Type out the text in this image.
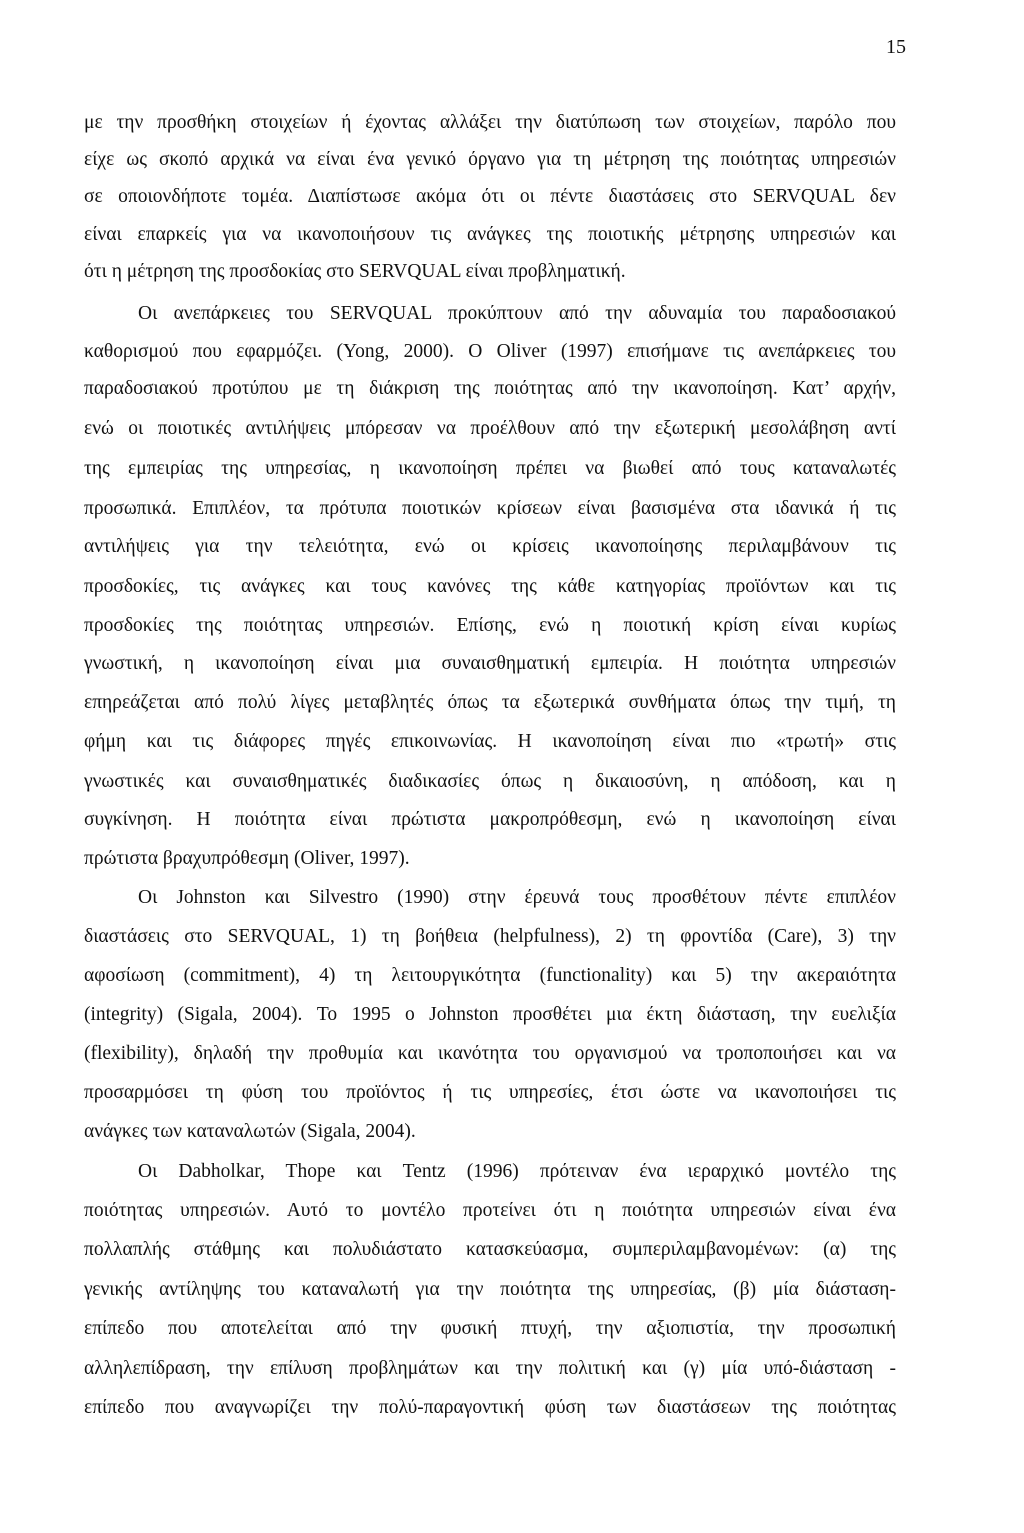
15
με την προσθήκη στοιχείων ή έχοντας αλλάξει την διατύπωση των στοιχείων, παρόλο που
είχε ως σκοπό αρχικά να είναι ένα γενικό όργανο για τη μέτρηση της ποιότητας υπηρεσιών
σε οποιονδήποτε τομέα. Διαπίστωσε ακόμα ότι οι πέντε διαστάσεις στο SERVQUAL δεν
είναι επαρκείς για να ικανοποιήσουν τις ανάγκες της ποιοτικής μέτρησης υπηρεσιών και
ότι η μέτρηση της προσδοκίας στο SERVQUAL είναι προβληματική.
Οι ανεπάρκειες του SERVQUAL προκύπτουν από την αδυναμία του παραδοσιακού
καθορισμού που εφαρμόζει. (Yong, 2000). Ο Oliver (1997) επισήμανε τις ανεπάρκειες του
παραδοσιακού προτύπου με τη διάκριση της ποιότητας από την ικανοποίηση. Κατ’ αρχήν,
ενώ οι ποιοτικές αντιλήψεις μπόρεσαν να προέλθουν από την εξωτερική μεσολάβηση αντί
της εμπειρίας της υπηρεσίας, η ικανοποίηση πρέπει να βιωθεί από τους καταναλωτές
προσωπικά. Επιπλέον, τα πρότυπα ποιοτικών κρίσεων είναι βασισμένα στα ιδανικά ή τις
αντιλήψεις για την τελειότητα, ενώ οι κρίσεις ικανοποίησης περιλαμβάνουν τις
προσδοκίες, τις ανάγκες και τους κανόνες της κάθε κατηγορίας προϊόντων και τις
προσδοκίες της ποιότητας υπηρεσιών. Επίσης, ενώ η ποιοτική κρίση είναι κυρίως
γνωστική, η ικανοποίηση είναι μια συναισθηματική εμπειρία. Η ποιότητα υπηρεσιών
επηρεάζεται από πολύ λίγες μεταβλητές όπως τα εξωτερικά συνθήματα όπως την τιμή, τη
φήμη και τις διάφορες πηγές επικοινωνίας. Η ικανοποίηση είναι πιο «τρωτή» στις
γνωστικές και συναισθηματικές διαδικασίες όπως η δικαιοσύνη, η απόδοση, και η
συγκίνηση. Η ποιότητα είναι πρώτιστα μακροπρόθεσμη, ενώ η ικανοποίηση είναι
πρώτιστα βραχυπρόθεσμη (Oliver, 1997).
Οι Johnston και Silvestro (1990) στην έρευνά τους προσθέτουν πέντε επιπλέον
διαστάσεις στο SERVQUAL, 1) τη βοήθεια (helpfulness), 2) τη φροντίδα (Care), 3) την
αφοσίωση (commitment), 4) τη λειτουργικότητα (functionality) και 5) την ακεραιότητα
(integrity) (Sigala, 2004). Το 1995 ο Johnston προσθέτει μια έκτη διάσταση, την ευελιξία
(flexibility), δηλαδή την προθυμία και ικανότητα του οργανισμού να τροποποιήσει και να
προσαρμόσει τη φύση του προϊόντος ή τις υπηρεσίες, έτσι ώστε να ικανοποιήσει τις
ανάγκες των καταναλωτών (Sigala, 2004).
Οι Dabholkar, Thope και Tentz (1996) πρότειναν ένα ιεραρχικό μοντέλο της
ποιότητας υπηρεσιών. Αυτό το μοντέλο προτείνει ότι η ποιότητα υπηρεσιών είναι ένα
πολλαπλής στάθμης και πολυδιάστατο κατασκεύασμα, συμπεριλαμβανομένων: (α) της
γενικής αντίληψης του καταναλωτή για την ποιότητα της υπηρεσίας, (β) μία διάσταση-
επίπεδο που αποτελείται από την φυσική πτυχή, την αξιοπιστία, την προσωπική
αλληλεπίδραση, την επίλυση προβλημάτων και την πολιτική και (γ) μία υπό-διάσταση -
επίπεδο που αναγνωρίζει την πολύ-παραγοντική φύση των διαστάσεων της ποιότητας
